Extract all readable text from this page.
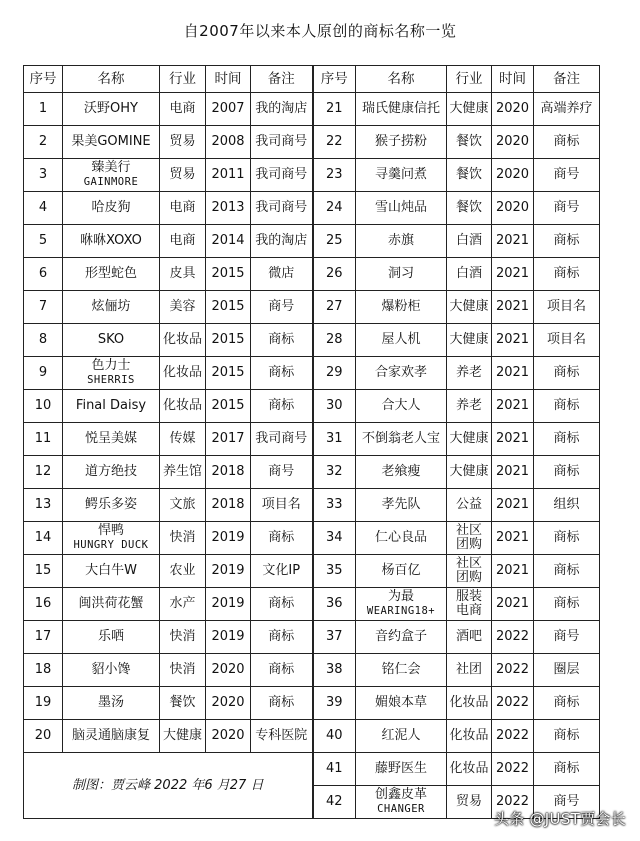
自2007年以来本人原创的商标名称一览
序号	名称	行业	时间	备注	序号	名称	行业	时间	备注
1	沃野OHY	电商	2007	我的淘店	21	瑞氏健康信托	大健康	2020	高端养疗
2	果美GOMINE	贸易	2008	我司商号	22	猴子捞粉	餐饮	2020	商标
3	臻美行
GAINMORE	贸易	2011	我司商号	23	寻羹问煮	餐饮	2020	商号
4	哈皮狗	电商	2013	我司商号	24	雪山炖品	餐饮	2020	商号
5	咻咻XOXO	电商	2014	我的淘店	25	赤旗	白酒	2021	商标
6	形型蛇色	皮具	2015	微店	26	洞习	白酒	2021	商标
7	炫俪坊	美容	2015	商号	27	爆粉柜	大健康	2021	项目名
8	SKO	化妆品	2015	商标	28	屋人机	大健康	2021	项目名
9	色力士
SHERRIS	化妆品	2015	商标	29	合家欢孝	养老	2021	商标
10	Final Daisy	化妆品	2015	商标	30	合大人	养老	2021	商标
11	悦呈美媒	传媒	2017	我司商号	31	不倒翁老人宝	大健康	2021	商标
12	道方绝技	养生馆	2018	商号	32	老飨瘦	大健康	2021	商标
13	鳄乐多姿	文旅	2018	项目名	33	孝先队	公益	2021	组织
14	悍鸭
HUNGRY DUCK	快消	2019	商标	34	仁心良品	社区
团购	2021	商标
15	大白牛W	农业	2019	文化IP	35	杨百亿	社区
团购	2021	商标
16	闽洪荷花蟹	水产	2019	商标	36	为最
WEARING18+	服装
电商	2021	商标
17	乐哂	快消	2019	商标	37	音约盒子	酒吧	2022	商号
18	貂小馋	快消	2020	商标	38	铭仁会	社团	2022	圈层
19	墨汤	餐饮	2020	商标	39	媚娘本草	化妆品	2022	商标
20	脑灵通脑康复	大健康	2020	专科医院	40	红泥人	化妆品	2022	商标
制图：贾云峰 2022 年6 月27 日					41	藤野医生	化妆品	2022	商标
					42	创鑫皮革
CHANGER	贸易	2022	商号
头条 @JUST贾会长
